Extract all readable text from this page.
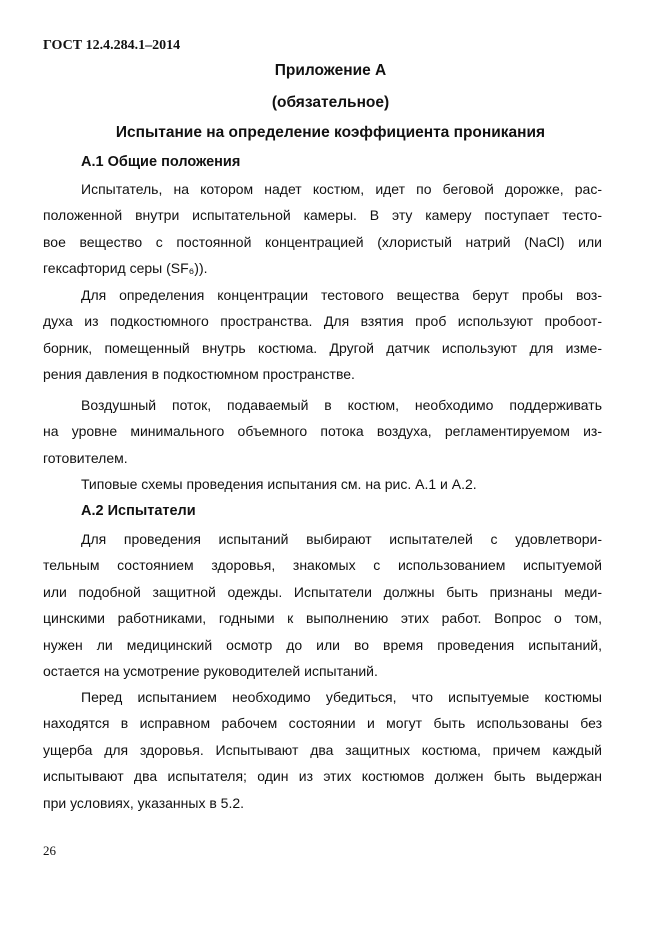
ГОСТ 12.4.284.1–2014
Приложение А
(обязательное)
Испытание на определение коэффициента проникания
А.1 Общие положения
Испытатель, на котором надет костюм, идет по беговой дорожке, рас-
положенной внутри испытательной камеры. В эту камеру поступает тесто-
вое вещество с постоянной концентрацией (хлористый натрий (NaCl) или
гексафторид серы (SF₆)).
Для определения концентрации тестового вещества берут пробы воз-
духа из подкостюмного пространства. Для взятия проб используют пробоот-
борник, помещенный внутрь костюма. Другой датчик используют для изме-
рения давления в подкостюмном пространстве.
Воздушный поток, подаваемый в костюм, необходимо поддерживать
на уровне минимального объемного потока воздуха, регламентируемом из-
готовителем.
Типовые схемы проведения испытания см. на рис. А.1 и А.2.
А.2 Испытатели
Для проведения испытаний выбирают испытателей с удовлетвори-
тельным состоянием здоровья, знакомых с использованием испытуемой
или подобной защитной одежды. Испытатели должны быть признаны меди-
цинскими работниками, годными к выполнению этих работ. Вопрос о том,
нужен ли медицинский осмотр до или во время проведения испытаний,
остается на усмотрение руководителей испытаний.
Перед испытанием необходимо убедиться, что испытуемые костюмы
находятся в исправном рабочем состоянии и могут быть использованы без
ущерба для здоровья. Испытывают два защитных костюма, причем каждый
испытывают два испытателя; один из этих костюмов должен быть выдержан
при условиях, указанных в 5.2.
26
